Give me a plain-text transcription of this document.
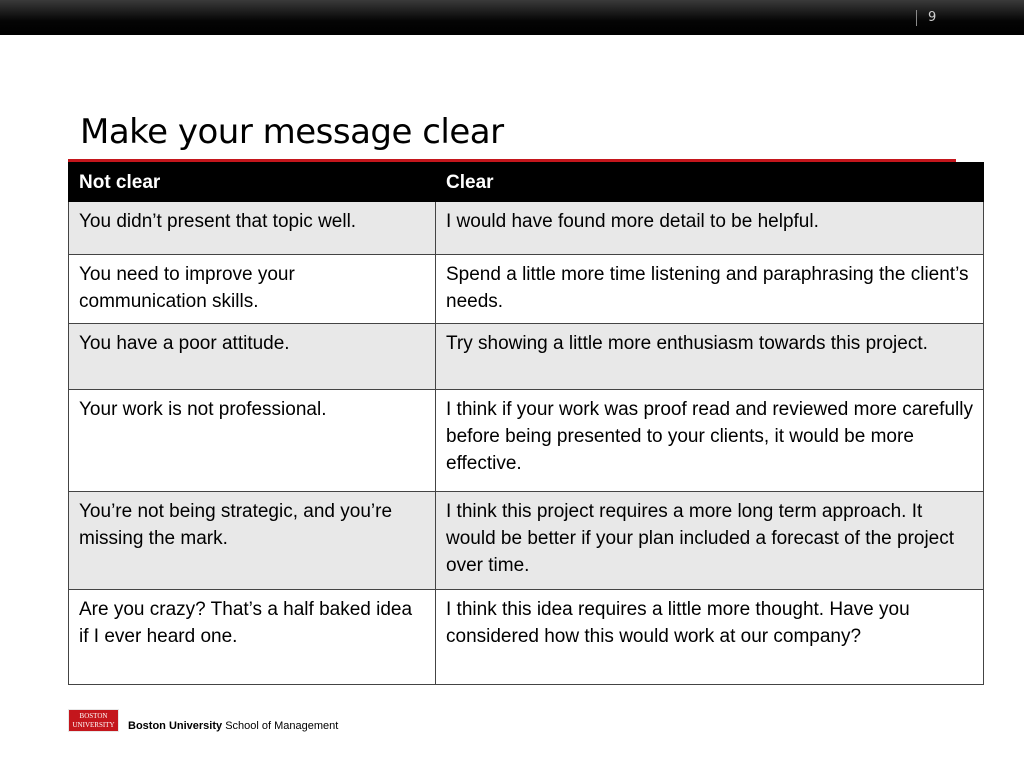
9
Make your message clear
Not clear	Clear
You didn’t present that topic well.	I would have found more detail to be helpful.
You need to improve your communication skills.	Spend a little more time listening and paraphrasing the client’s needs.
You have a poor attitude.	Try showing a little more enthusiasm towards this project.
Your work is not professional.	I think if your work was proof read and reviewed more carefully before being presented to your clients, it would be more effective.
You’re not being strategic, and you’re missing the mark.	I think this project requires a more long term approach. It would be better if your plan included a forecast of the project over time.
Are you crazy? That’s a half baked idea if I ever heard one.	I think this idea requires a little more thought. Have you considered how this would work at our company?
BOSTON
UNIVERSITY	Boston University School of Management
